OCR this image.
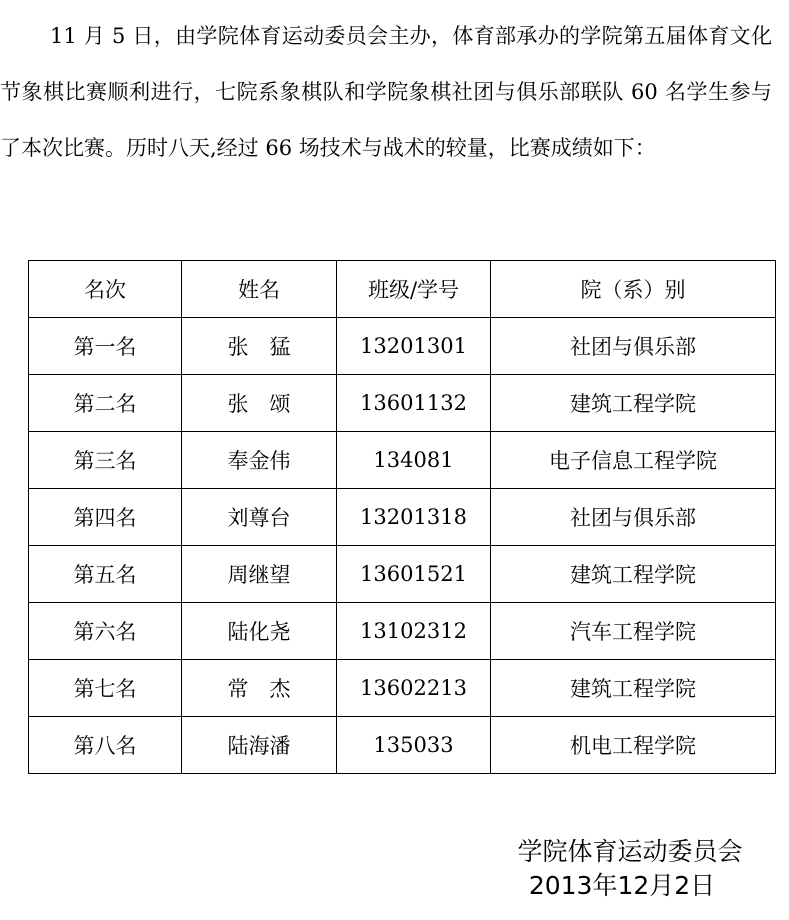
11 月 5 日，由学院体育运动委员会主办，体育部承办的学院第五届体育文化节象棋比赛顺利进行，七院系象棋队和学院象棋社团与俱乐部联队 60 名学生参与了本次比赛。历时八天,经过 66 场技术与战术的较量，比赛成绩如下：

名次	姓名	班级/学号	院（系）别
第一名	张　猛	13201301	社团与俱乐部
第二名	张　颂	13601132	建筑工程学院
第三名	奉金伟	134081	电子信息工程学院
第四名	刘尊台	13201318	社团与俱乐部
第五名	周继望	13601521	建筑工程学院
第六名	陆化尧	13102312	汽车工程学院
第七名	常　杰	13602213	建筑工程学院
第八名	陆海潘	135033	机电工程学院
学院体育运动委员会
2013年12月2日
